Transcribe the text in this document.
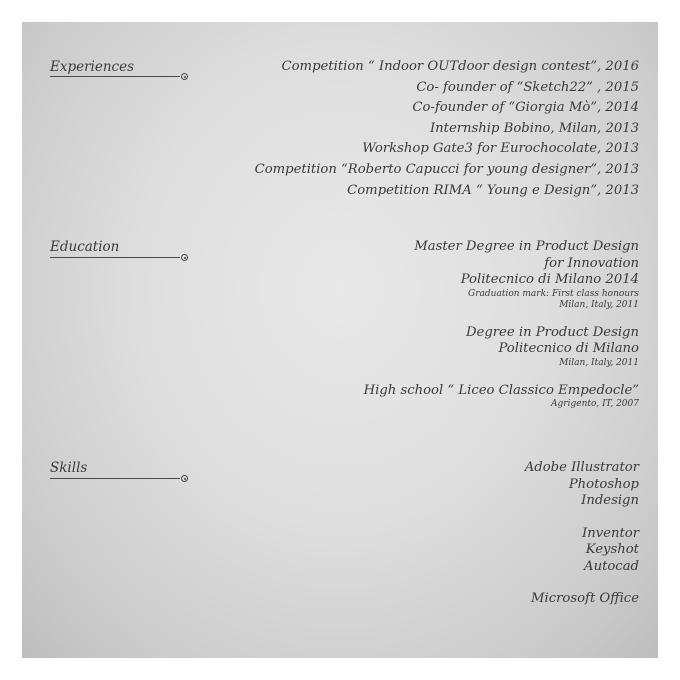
Experiences	Competition “ Indoor OUTdoor design contest”, 2016
Co- founder of “Sketch22” , 2015
Co-founder of “Giorgia Mò”, 2014
Internship Bobino, Milan, 2013
Workshop Gate3 for Eurochocolate, 2013
Competition “Roberto Capucci for young designer”, 2013
Competition RIMA “ Young e Design”, 2013
Education	Master Degree in Product Design
for Innovation
Politecnico di Milano 2014
Graduation mark: First class honours
Milan, Italy, 2011
Degree in Product Design
Politecnico di Milano
Milan, Italy, 2011
High school “ Liceo Classico Empedocle”
Agrigento, IT, 2007
Skills	Adobe Illustrator
Photoshop
Indesign
Inventor
Keyshot
Autocad
Microsoft Office
